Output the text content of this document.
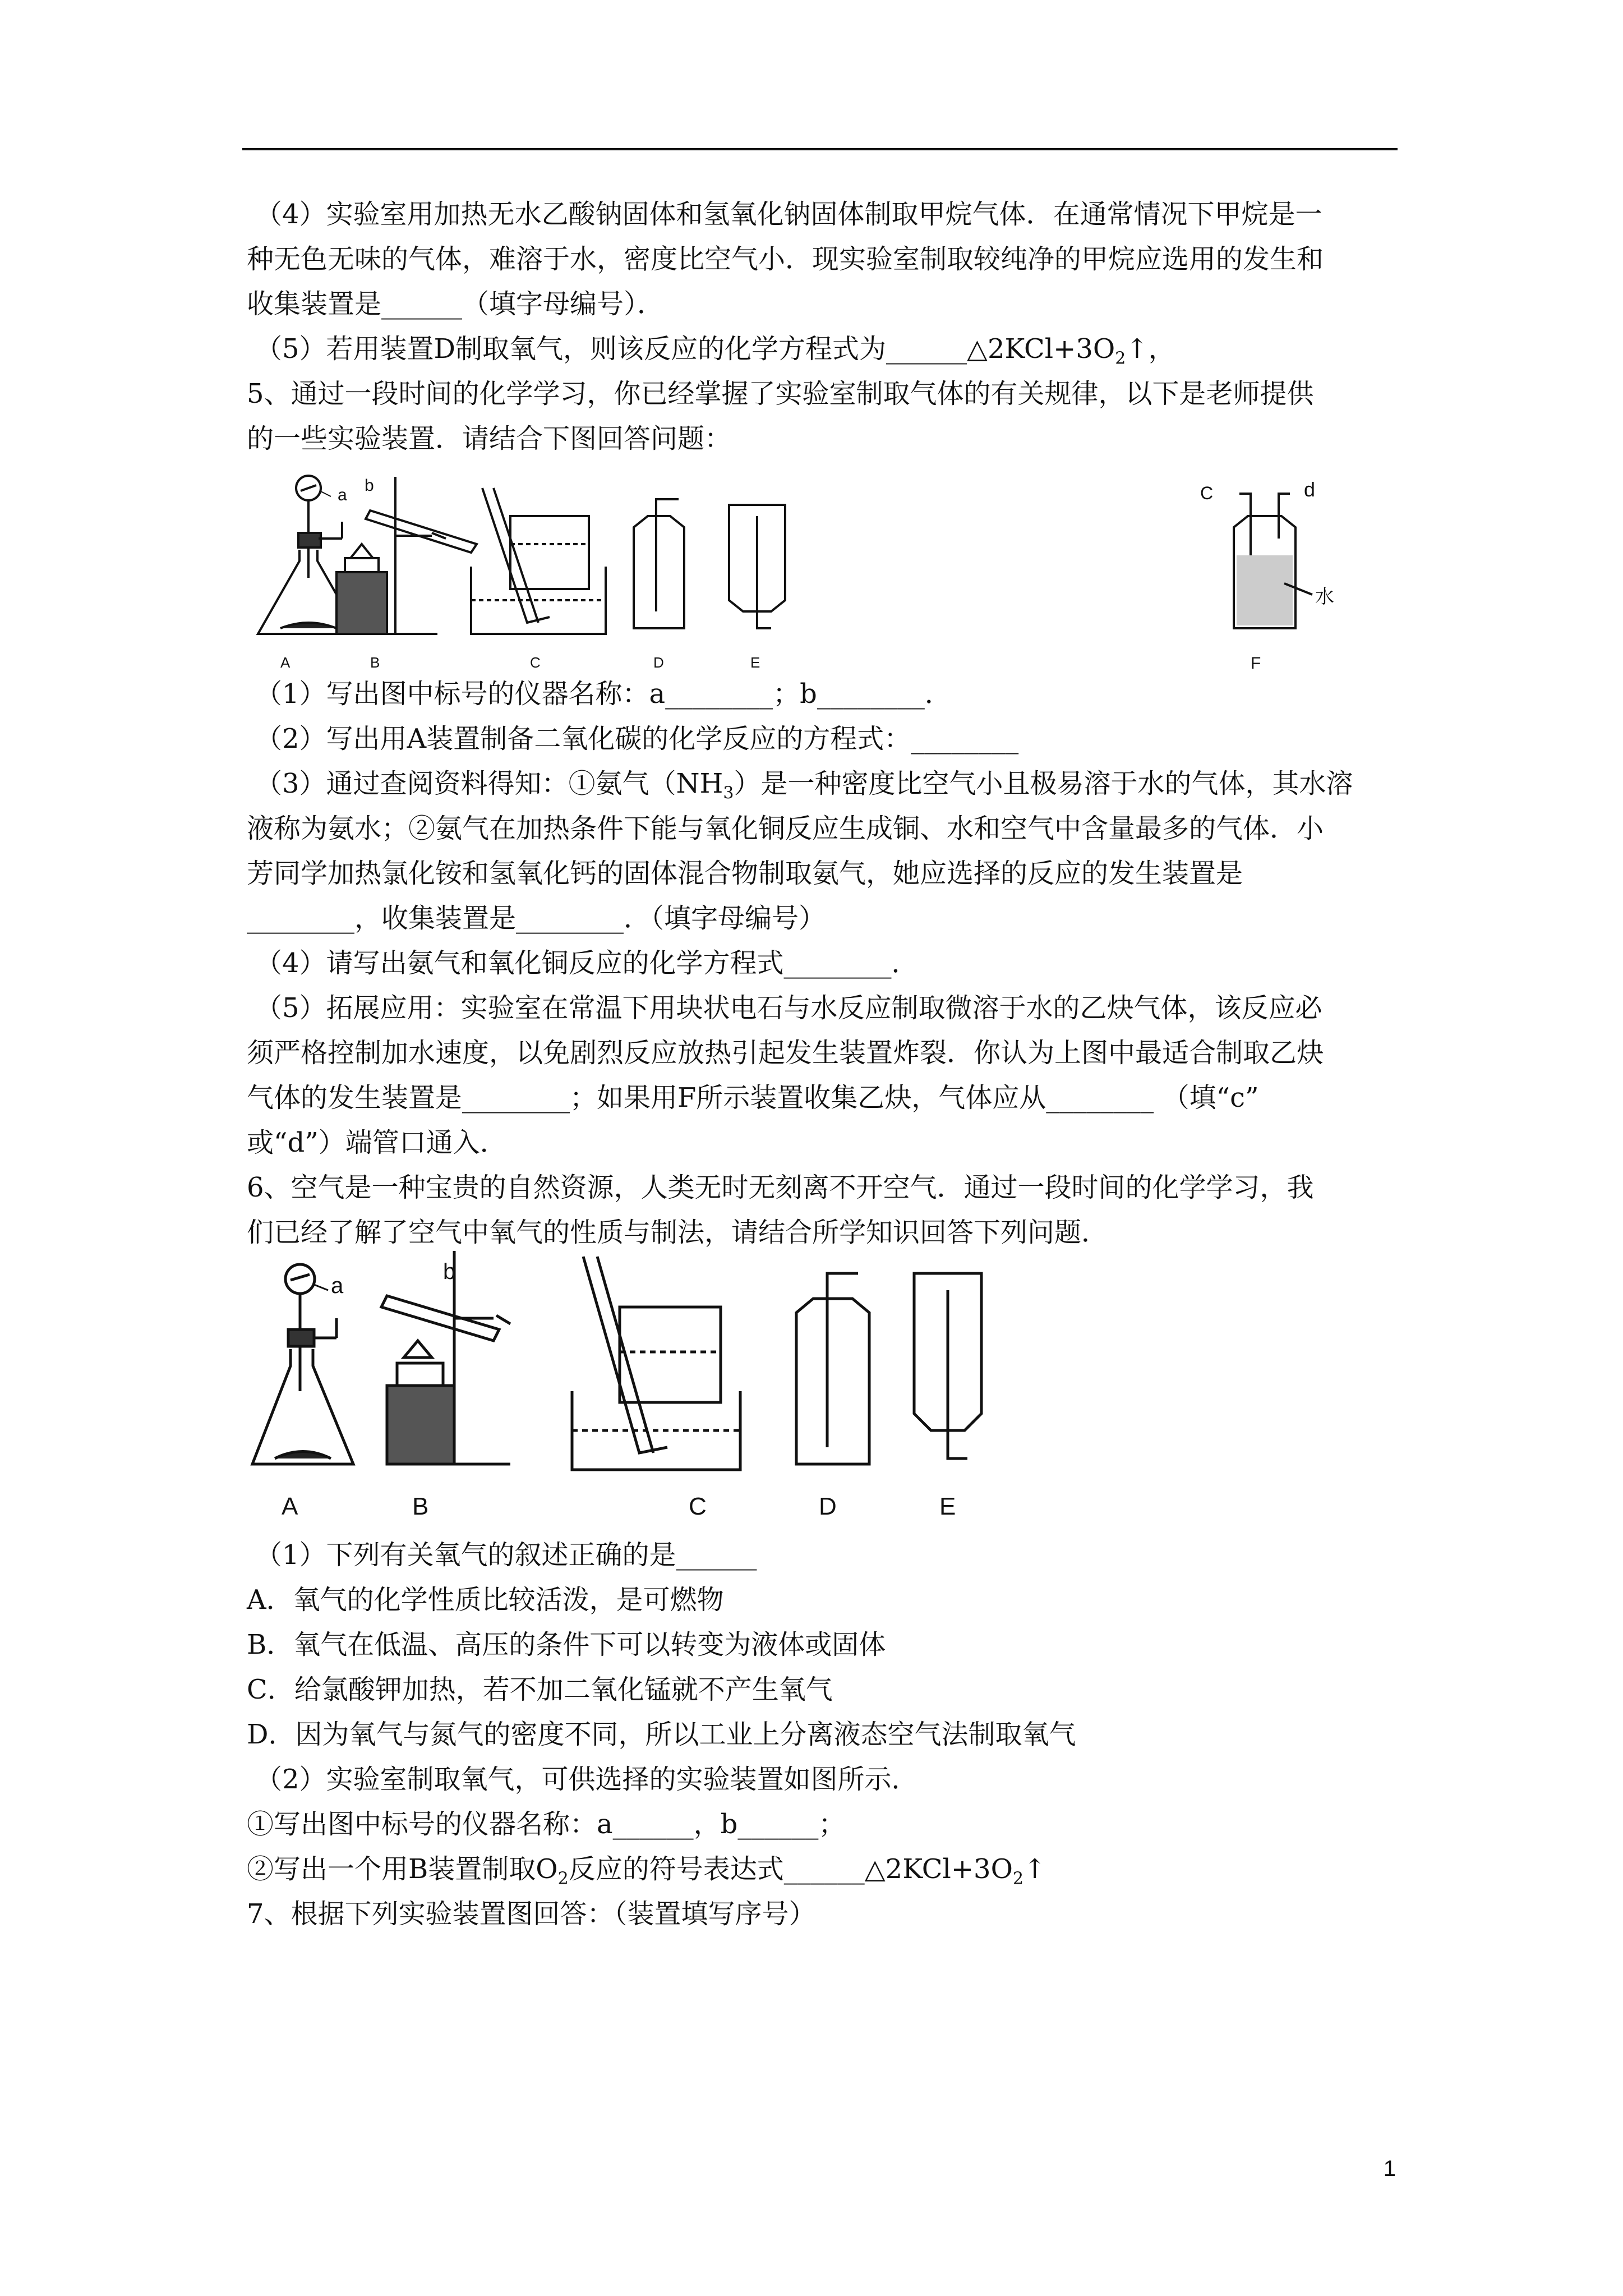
（4）实验室用加热无水乙酸钠固体和氢氧化钠固体制取甲烷气体．在通常情况下甲烷是一
种无色无味的气体，难溶于水，密度比空气小．现实验室制取较纯净的甲烷应选用的发生和
收集装置是______（填字母编号）．
（5）若用装置D制取氧气，则该反应的化学方程式为$\_\_\_\_\_\_\triangle 2KCl+3O_2↑$，
5、通过一段时间的化学学习，你已经掌握了实验室制取气体的有关规律，以下是老师提供
的一些实验装置．请结合下图回答问题：
a
A
b
B	C	D	E
C	d
水
F
（1）写出图中标号的仪器名称：a________；b________．
（2）写出用A装置制备二氧化碳的化学反应的方程式：________
（3）通过查阅资料得知：①氨气$(NH_3)$是一种密度比空气小且极易溶于水的气体，其水溶
液称为氨水；②氨气在加热条件下能与氧化铜反应生成铜、水和空气中含量最多的气体．小
芳同学加热氯化铵和氢氧化钙的固体混合物制取氨气，她应选择的反应的发生装置是
________，收集装置是________．（填字母编号）
（4）请写出氨气和氧化铜反应的化学方程式________．
（5）拓展应用：实验室在常温下用块状电石与水反应制取微溶于水的乙炔气体，该反应必
须严格控制加水速度，以免剧烈反应放热引起发生装置炸裂．你认为上图中最适合制取乙炔
气体的发生装置是________；如果用F所示装置收集乙炔，气体应从________ （填“c”
或“d”）端管口通入．
6、空气是一种宝贵的自然资源，人类无时无刻离不开空气．通过一段时间的化学学习，我
们已经了解了空气中氧气的性质与制法，请结合所学知识回答下列问题．
a
A
b
B	C	D	E
（1）下列有关氧气的叙述正确的是______
A．氧气的化学性质比较活泼，是可燃物
B．氧气在低温、高压的条件下可以转变为液体或固体
C．给氯酸钾加热，若不加二氧化锰就不产生氧气
D．因为氧气与氮气的密度不同，所以工业上分离液态空气法制取氧气
（2）实验室制取氧气，可供选择的实验装置如图所示．
①写出图中标号的仪器名称：a______，b______；
②写出一个用B装置制取$O_2$反应的符号表达式$\_\_\_\_\_\_\triangle 2KCl+3O_2↑$
7、根据下列实验装置图回答：（装置填写序号）
1
